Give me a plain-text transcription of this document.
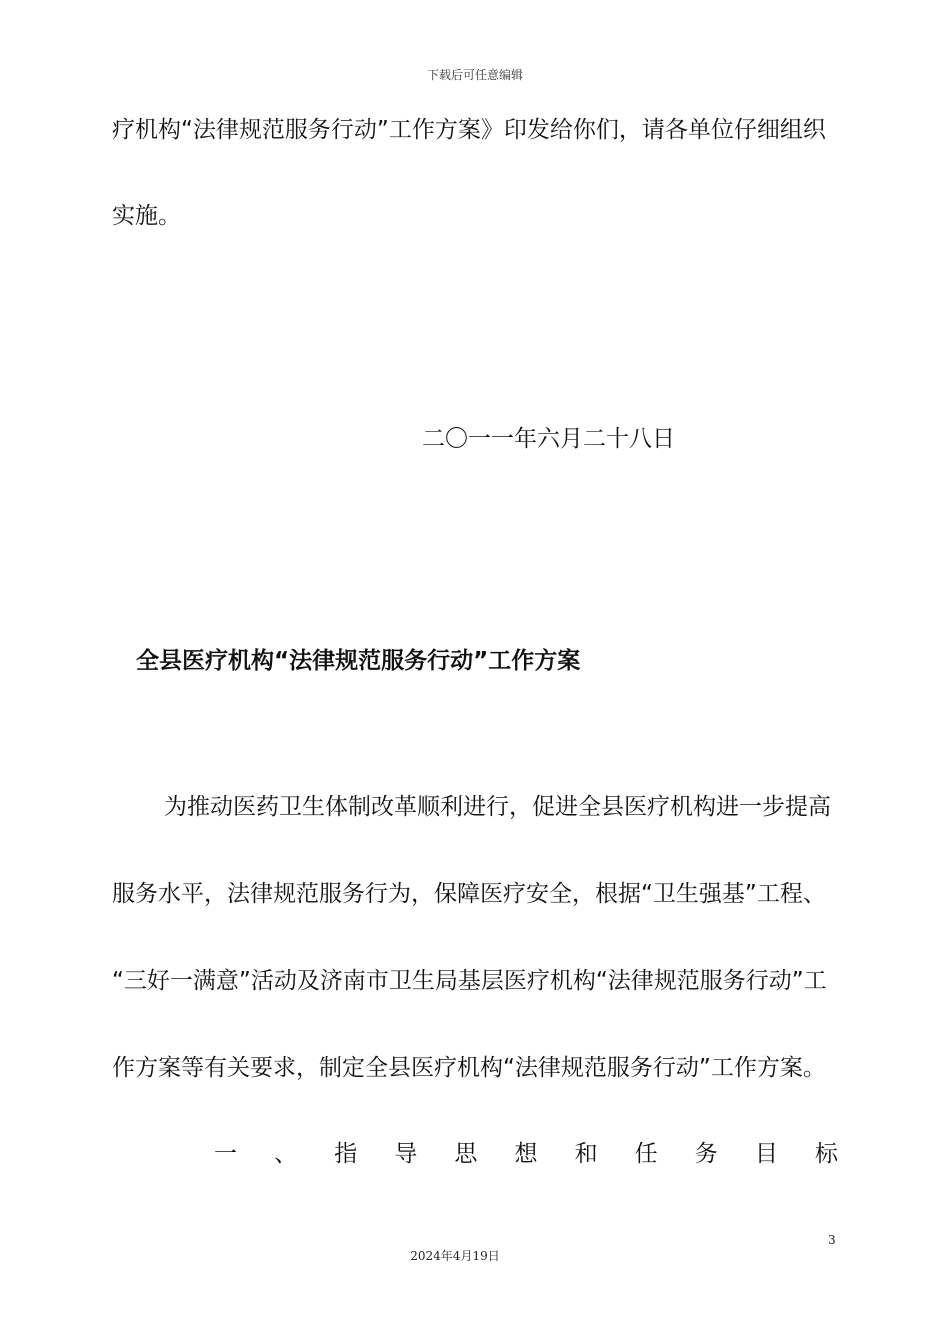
下载后可任意编辑
疗机构“法律规范服务行动”工作方案》印发给你们，请各单位仔细组织
实施。
二〇一一年六月二十八日
全县医疗机构“法律规范服务行动”工作方案
为推动医药卫生体制改革顺利进行，促进全县医疗机构进一步提高
服务水平，法律规范服务行为，保障医疗安全，根据“卫生强基”工程、
“三好一满意”活动及济南市卫生局基层医疗机构“法律规范服务行动”工
作方案等有关要求，制定全县医疗机构“法律规范服务行动”工作方案。
一 、 指 导 思 想 和 任 务 目 标
3
2024年4月19日
